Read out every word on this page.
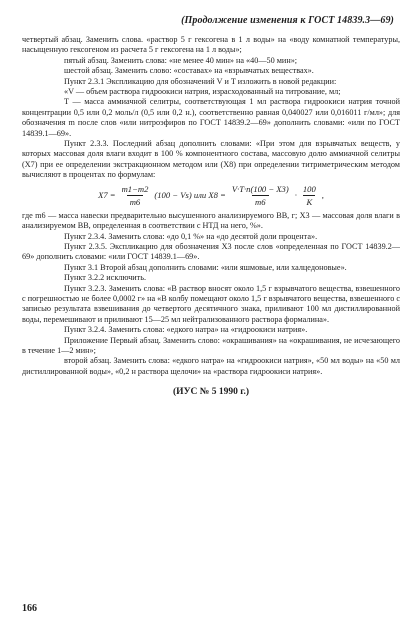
(Продолжение изменения к ГОСТ 14839.3—69)

четвертый абзац. Заменить слова. «раствор 5 г гексогена в 1 л воды» на «воду комнатной температуры, насыщенную гексогеном из расчета 5 г гексогена на 1 л воды»;

пятый абзац. Заменить слова: «не менее 40 мин» на «40—50 мин»;

шестой абзац. Заменить слово: «составах» на «взрывчатых веществах».

Пункт 2.3.1 Экспликацию для обозначений V и T изложить в новой редакции:

«V — объем раствора гидроокиси натрия, израсходованный на титрование, мл;

T — масса аммиачной селитры, соответствующая 1 мл раствора гидроокиси натрия точной концентрации 0,5 или 0,2 моль/л (0,5 или 0,2 н.), соответственно равная 0,040027 или 0,016011 г/мл»; для обозначения m после слов «или нитроэфиров по ГОСТ 14839.2—69» дополнить словами: «или по ГОСТ 14839.1—69».

Пункт 2.3.3. Последний абзац дополнить словами: «При этом для взрывчатых веществ, у которых массовая доля влаги входит в 100 % компонентного состава, массовую долю аммиачной селитры (X7) при ее определении экстракционном методом или (X8) при определении титриметрическим методом вычисляют в процентах по формулам:

$X7 = \frac{m1-m2}{m6} (100 - Vs)$ или $X8 = \frac{V\cdot T\cdot n(100 - X3)}{m6} \cdot \frac{100}{K}$ ,

где m6 — масса навески предварительно высушенного анализируемого ВВ, г; X3 — массовая доля влаги в анализируемом ВВ, определенная в соответствии с НТД на него, %».

Пункт 2.3.4. Заменить слова: «до 0,1 %» на «до десятой доли процента».

Пункт 2.3.5. Экспликацию для обозначения X3 после слов «определенная по ГОСТ 14839.2—69» дополнить словами: «или ГОСТ 14839.1—69».

Пункт 3.1 Второй абзац дополнить словами: «или яшмовые, или халцедоновые».

Пункт 3.2.2 исключить.

Пункт 3.2.3. Заменить слова: «В раствор вносят около 1,5 г взрывчатого вещества, взвешенного с погрешностью не более 0,0002 г» на «В колбу помещают около 1,5 г взрывчатого вещества, взвешенного с записью результата взвешивания до четвертого десятичного знака, приливают 100 мл дистиллированной воды, перемешивают и приливают 15—25 мл нейтрализованного раствора формалина».

Пункт 3.2.4. Заменить слова: «едкого натра» на «гидроокиси натрия».

Приложение Первый абзац. Заменить слово: «окрашивания» на «окрашивания, не исчезающего в течение 1—2 мин»;

второй абзац. Заменить слова: «едкого натра» на «гидроокиси натрия», «50 мл воды» на «50 мл дистиллированной воды», «0,2 н раствора щелочи» на «раствора гидроокиси натрия».

(ИУС № 5 1990 г.)
166
